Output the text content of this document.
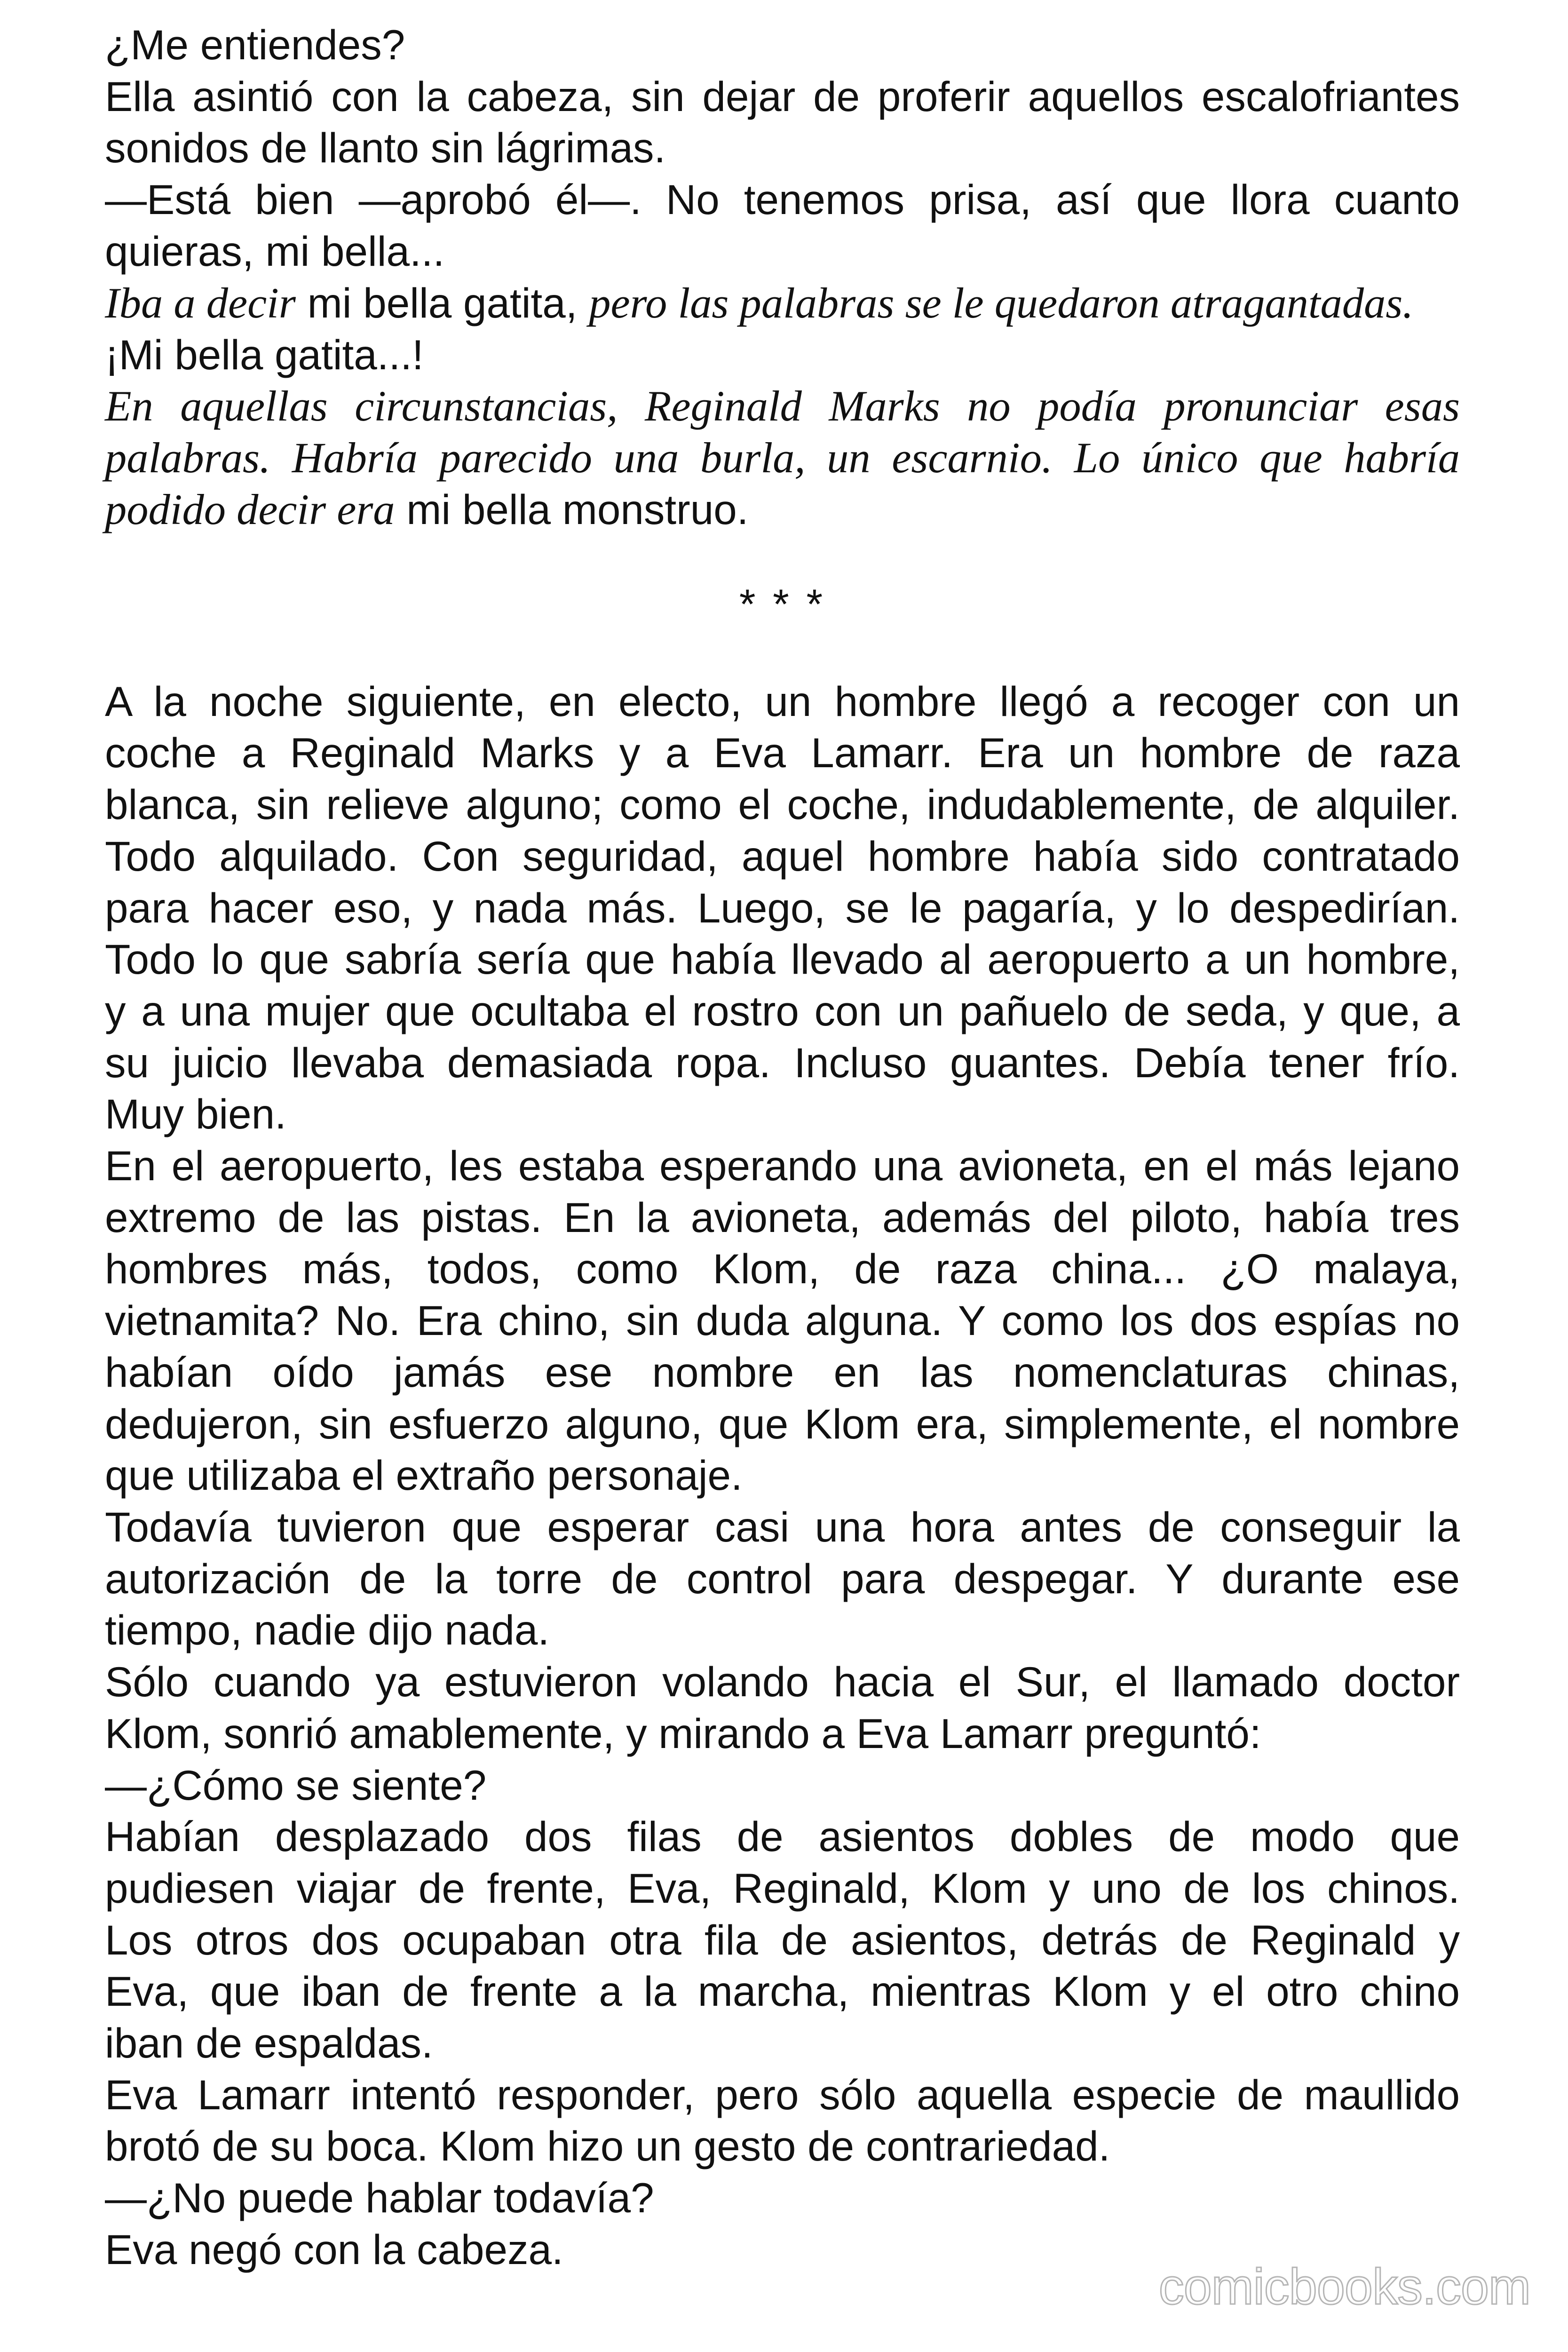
¿Me entiendes?
Ella asintió con la cabeza, sin dejar de proferir aquellos escalofriantes
sonidos de llanto sin lágrimas.
—Está bien —aprobó él—. No tenemos prisa, así que llora cuanto
quieras, mi bella...
Iba a decir mi bella gatita, pero las palabras se le quedaron atragantadas.
¡Mi bella gatita...!
En aquellas circunstancias, Reginald Marks no podía pronunciar esas
palabras. Habría parecido una burla, un escarnio. Lo único que habría
podido decir era mi bella monstruo.
* * *
A la noche siguiente, en electo, un hombre llegó a recoger con un
coche a Reginald Marks y a Eva Lamarr. Era un hombre de raza
blanca, sin relieve alguno; como el coche, indudablemente, de alquiler.
Todo alquilado. Con seguridad, aquel hombre había sido contratado
para hacer eso, y nada más. Luego, se le pagaría, y lo despedirían.
Todo lo que sabría sería que había llevado al aeropuerto a un hombre,
y a una mujer que ocultaba el rostro con un pañuelo de seda, y que, a
su juicio llevaba demasiada ropa. Incluso guantes. Debía tener frío.
Muy bien.
En el aeropuerto, les estaba esperando una avioneta, en el más lejano
extremo de las pistas. En la avioneta, además del piloto, había tres
hombres más, todos, como Klom, de raza china... ¿O malaya,
vietnamita? No. Era chino, sin duda alguna. Y como los dos espías no
habían oído jamás ese nombre en las nomenclaturas chinas,
dedujeron, sin esfuerzo alguno, que Klom era, simplemente, el nombre
que utilizaba el extraño personaje.
Todavía tuvieron que esperar casi una hora antes de conseguir la
autorización de la torre de control para despegar. Y durante ese
tiempo, nadie dijo nada.
Sólo cuando ya estuvieron volando hacia el Sur, el llamado doctor
Klom, sonrió amablemente, y mirando a Eva Lamarr preguntó:
—¿Cómo se siente?
Habían desplazado dos filas de asientos dobles de modo que
pudiesen viajar de frente, Eva, Reginald, Klom y uno de los chinos.
Los otros dos ocupaban otra fila de asientos, detrás de Reginald y
Eva, que iban de frente a la marcha, mientras Klom y el otro chino
iban de espaldas.
Eva Lamarr intentó responder, pero sólo aquella especie de maullido
brotó de su boca. Klom hizo un gesto de contrariedad.
—¿No puede hablar todavía?
Eva negó con la cabeza.
comicbooks.com
